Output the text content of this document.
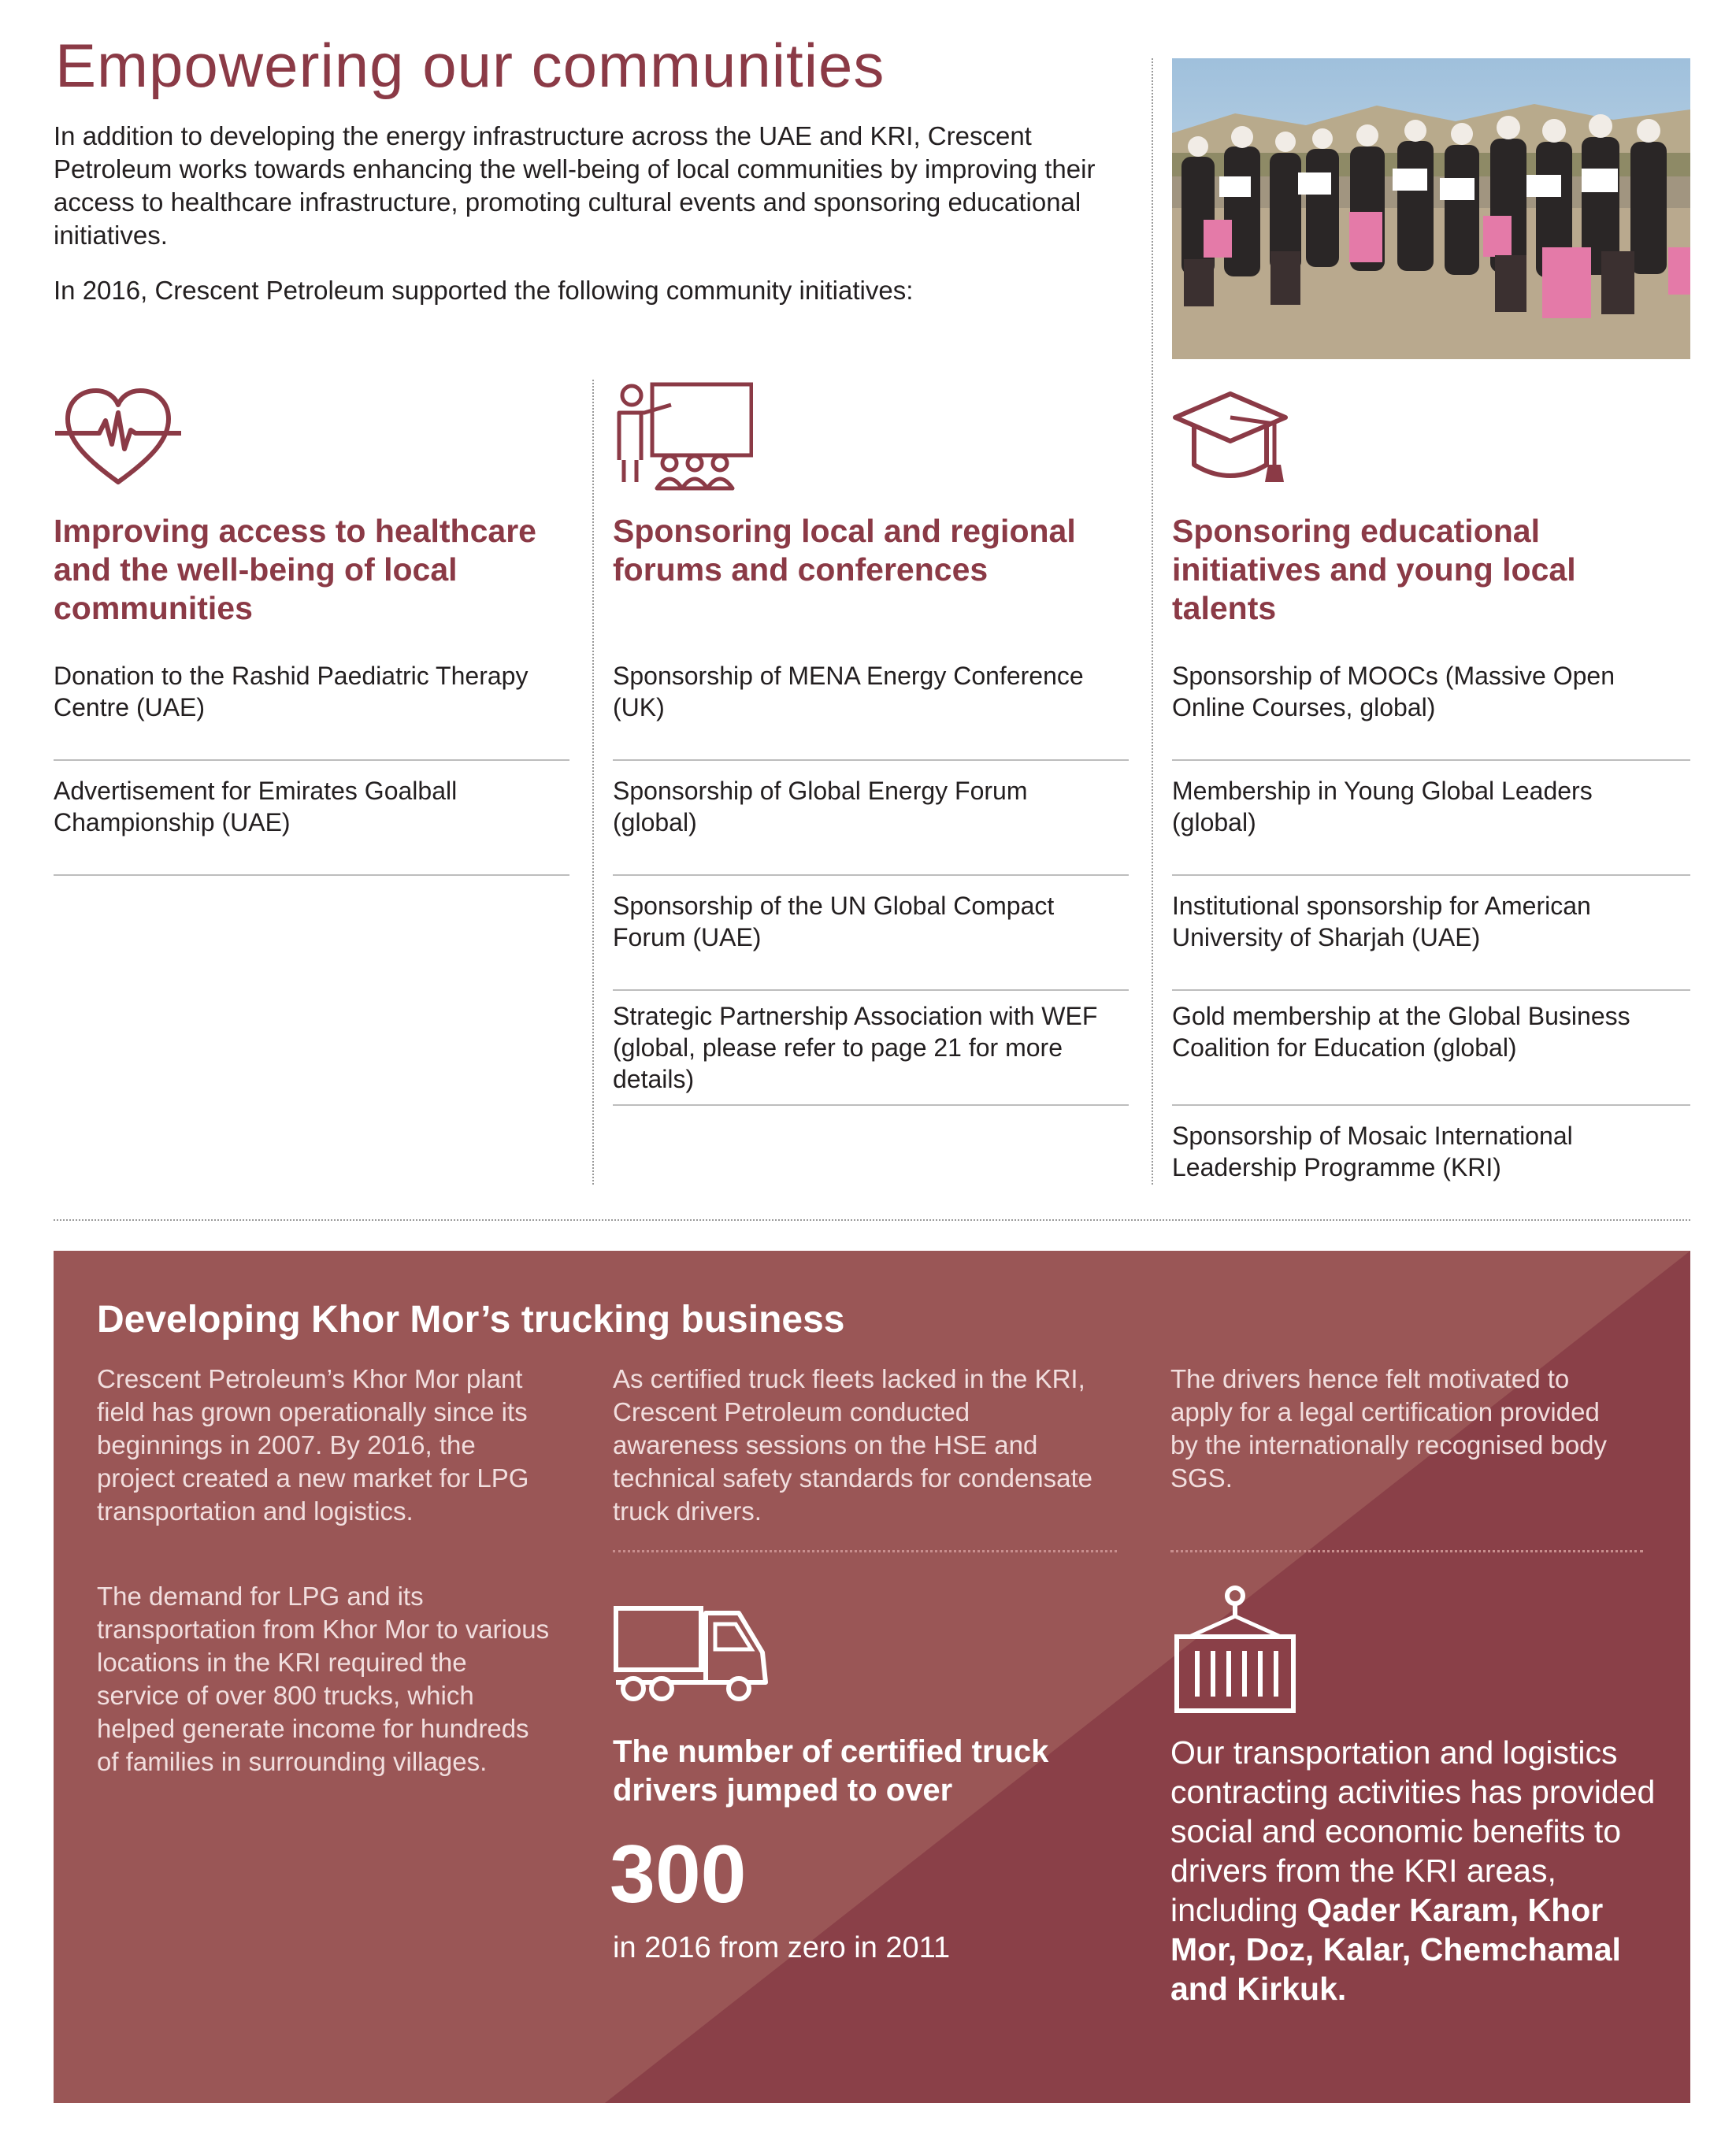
Empowering our communities
In addition to developing the energy infrastructure across the UAE and KRI, Crescent Petroleum works towards enhancing the well-being of local communities by improving their access to healthcare infrastructure, promoting cultural events and sponsoring educational initiatives.
In 2016, Crescent Petroleum supported the following community initiatives:
Improving access to healthcare and the well-being of local communities
Donation to the Rashid Paediatric Therapy Centre (UAE)
Advertisement for Emirates Goalball Championship (UAE)
Sponsoring local and regional forums and conferences
Sponsorship of MENA Energy Conference (UK)
Sponsorship of Global Energy Forum (global)
Sponsorship of the UN Global Compact Forum (UAE)
Strategic Partnership Association with WEF (global, please refer to page 21 for more details)
Sponsoring educational initiatives and young local talents
Sponsorship of MOOCs (Massive Open Online Courses, global)
Membership in Young Global Leaders (global)
Institutional sponsorship for American University of Sharjah (UAE)
Gold membership at the Global Business Coalition for Education (global)
Sponsorship of Mosaic International Leadership Programme (KRI)
Developing Khor Mor’s trucking business
Crescent Petroleum’s Khor Mor plant field has grown operationally since its beginnings in 2007. By 2016, the project created a new market for LPG transportation and logistics.
The demand for LPG and its transportation from Khor Mor to various locations in the KRI required the service of over 800 trucks, which helped generate income for hundreds of families in surrounding villages.
As certified truck fleets lacked in the KRI, Crescent Petroleum conducted awareness sessions on the HSE and technical safety standards for condensate truck drivers.
The drivers hence felt motivated to apply for a legal certification provided by the internationally recognised body SGS.
The number of certified truck drivers jumped to over
300
in 2016 from zero in 2011
Our transportation and logistics contracting activities has provided social and economic benefits to drivers from the KRI areas, including Qader Karam, Khor Mor, Doz, Kalar, Chemchamal and Kirkuk.
